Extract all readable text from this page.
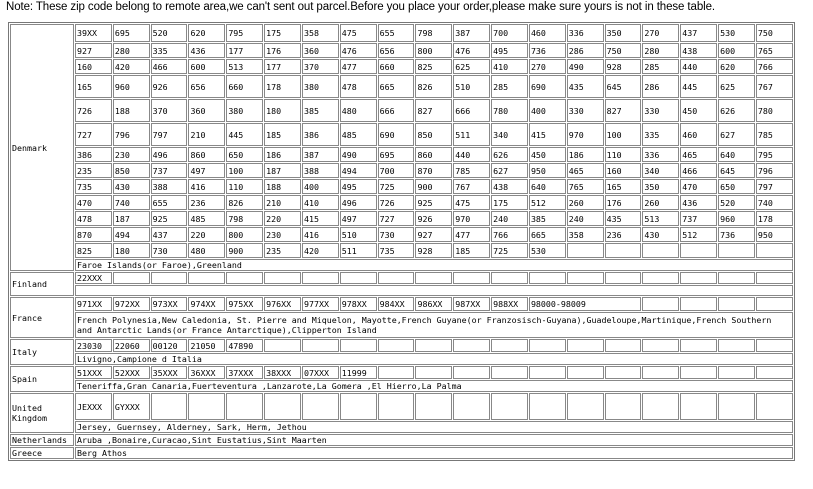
Note: These zip code belong to remote area,we can't sent out parcel.Before you place your order,please make sure yours is not in these table.
Denmark	39XX	695	520	620	795	175	358	475	655	798	387	700	460	336	350	270	437	530	750
	927	280	335	436	177	176	360	476	656	800	476	495	736	286	750	280	438	600	765
	160	420	466	600	513	177	370	477	660	825	625	410	270	490	928	285	440	620	766
	165	960	926	656	660	178	380	478	665	826	510	285	690	435	645	286	445	625	767
	726	188	370	360	380	180	385	480	666	827	666	780	400	330	827	330	450	626	780
	727	796	797	210	445	185	386	485	690	850	511	340	415	970	100	335	460	627	785
	386	230	496	860	650	186	387	490	695	860	440	626	450	186	110	336	465	640	795
	235	850	737	497	100	187	388	494	700	870	785	627	950	465	160	340	466	645	796
	735	430	388	416	110	188	400	495	725	900	767	438	640	765	165	350	470	650	797
	470	740	655	236	826	210	410	496	726	925	475	175	512	260	176	260	436	520	740
	478	187	925	485	798	220	415	497	727	926	970	240	385	240	435	513	737	960	178
	870	494	437	220	800	230	416	510	730	927	477	766	665	358	236	430	512	736	950
	825	180	730	480	900	235	420	511	735	928	185	725	530						
	Faroe Islands(or Faroe),Greenland																		
Finland	22XXX																		

France	971XX	972XX	973XX	974XX	975XX	976XX	977XX	978XX	984XX	986XX	987XX	988XX	98000-98009						
	French Polynesia,New Caledonia, St. Pierre and Miquelon, Mayotte,French Guyane(or Franzosisch-Guyana),Guadeloupe,Martinique,French Southern and Antarctic Lands(or France Antarctique),Clipperton Island																		
Italy	23030	22060	00120	21050	47890														
	Livigno,Campione d Italia																		
Spain	51XXX	52XXX	35XXX	36XXX	37XXX	38XXX	07XXX	11999											
	Teneriffa,Gran Canaria,Fuerteventura ,Lanzarote,La Gomera ,El Hierro,La Palma																		
United Kingdom	JEXXX	GYXXX																	
	Jersey, Guernsey, Alderney, Sark, Herm, Jethou																		
Netherlands	Aruba ,Bonaire,Curacao,Sint Eustatius,Sint Maarten																		
Greece	Berg Athos																		
